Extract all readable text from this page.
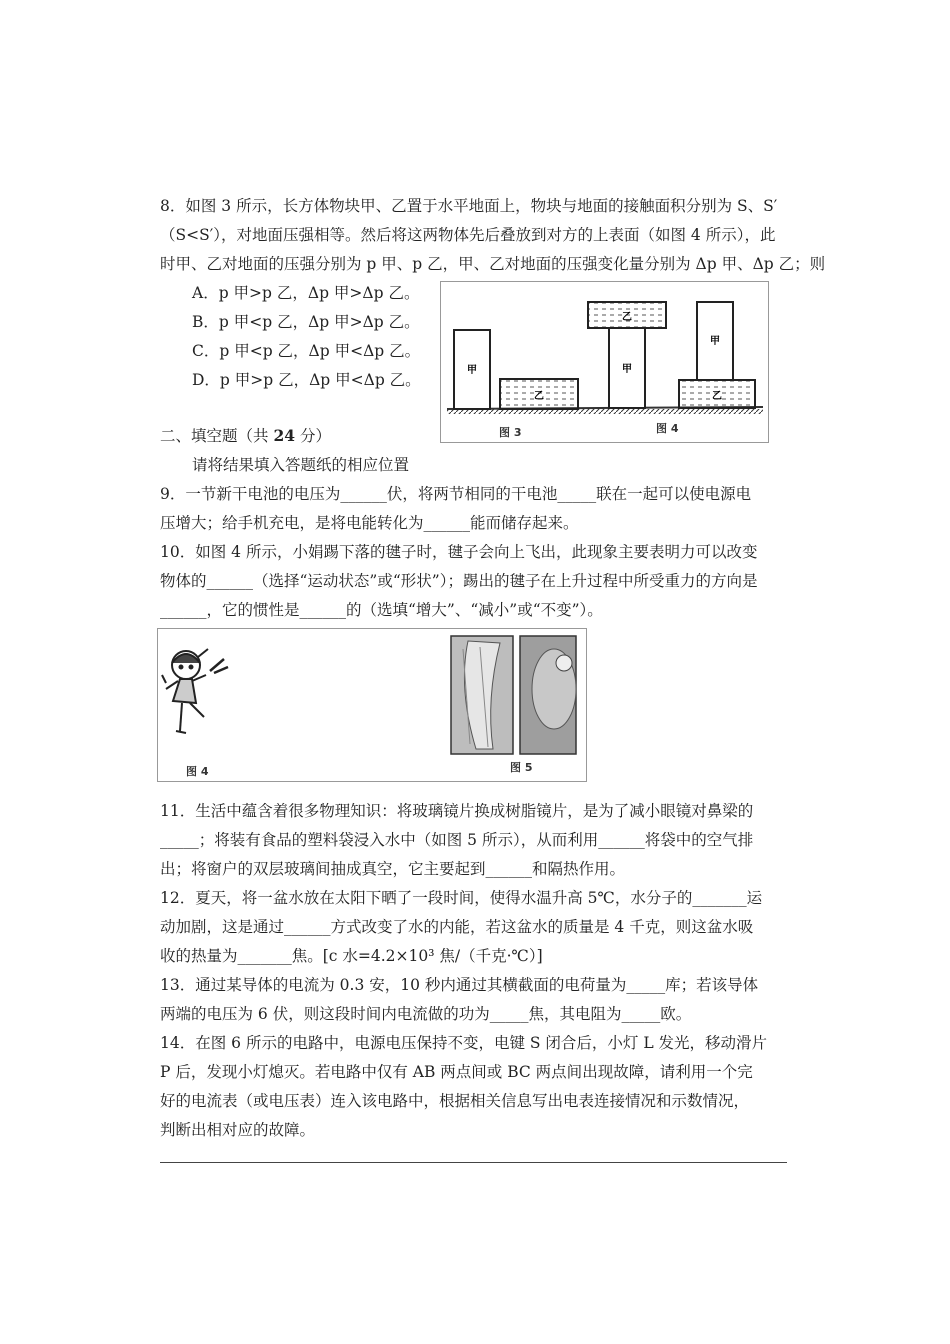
8．如图 3 所示，长方体物块甲、乙置于水平地面上，物块与地面的接触面积分别为 S、S′
（S<S′），对地面压强相等。然后将这两物体先后叠放到对方的上表面（如图 4 所示），此
时甲、乙对地面的压强分别为 p 甲、p 乙，甲、乙对地面的压强变化量分别为 Δp 甲、Δp 乙；则
A．p 甲>p 乙，Δp 甲>Δp 乙。
B．p 甲<p 乙，Δp 甲>Δp 乙。
C．p 甲<p 乙，Δp 甲<Δp 乙。
D．p 甲>p 乙，Δp 甲<Δp 乙。
甲
乙
乙
甲
甲
乙
图 3	图 4
二、填空题（共 24 分）
请将结果填入答题纸的相应位置
9．一节新干电池的电压为______伏，将两节相同的干电池_____联在一起可以使电源电
压增大；给手机充电，是将电能转化为______能而储存起来。
10．如图 4 所示，小娟踢下落的毽子时，毽子会向上飞出，此现象主要表明力可以改变
物体的______（选择“运动状态”或“形状”）；踢出的毽子在上升过程中所受重力的方向是
______，它的惯性是______的（选填“增大”、“减小”或“不变”）。
图 4	图 5
11．生活中蕴含着很多物理知识：将玻璃镜片换成树脂镜片，是为了减小眼镜对鼻梁的
_____；将装有食品的塑料袋浸入水中（如图 5 所示），从而利用______将袋中的空气排
出；将窗户的双层玻璃间抽成真空，它主要起到______和隔热作用。
12．夏天，将一盆水放在太阳下晒了一段时间，使得水温升高 5℃，水分子的_______运
动加剧，这是通过______方式改变了水的内能，若这盆水的质量是 4 千克，则这盆水吸
收的热量为_______焦。[c 水=4.2×10³ 焦/（千克·℃）]
13．通过某导体的电流为 0.3 安，10 秒内通过其横截面的电荷量为_____库；若该导体
两端的电压为 6 伏，则这段时间内电流做的功为_____焦，其电阻为_____欧。
14．在图 6 所示的电路中，电源电压保持不变，电键 S 闭合后，小灯 L 发光，移动滑片
P 后，发现小灯熄灭。若电路中仅有 AB 两点间或 BC 两点间出现故障，请利用一个完
好的电流表（或电压表）连入该电路中，根据相关信息写出电表连接情况和示数情况，
判断出相对应的故障。
